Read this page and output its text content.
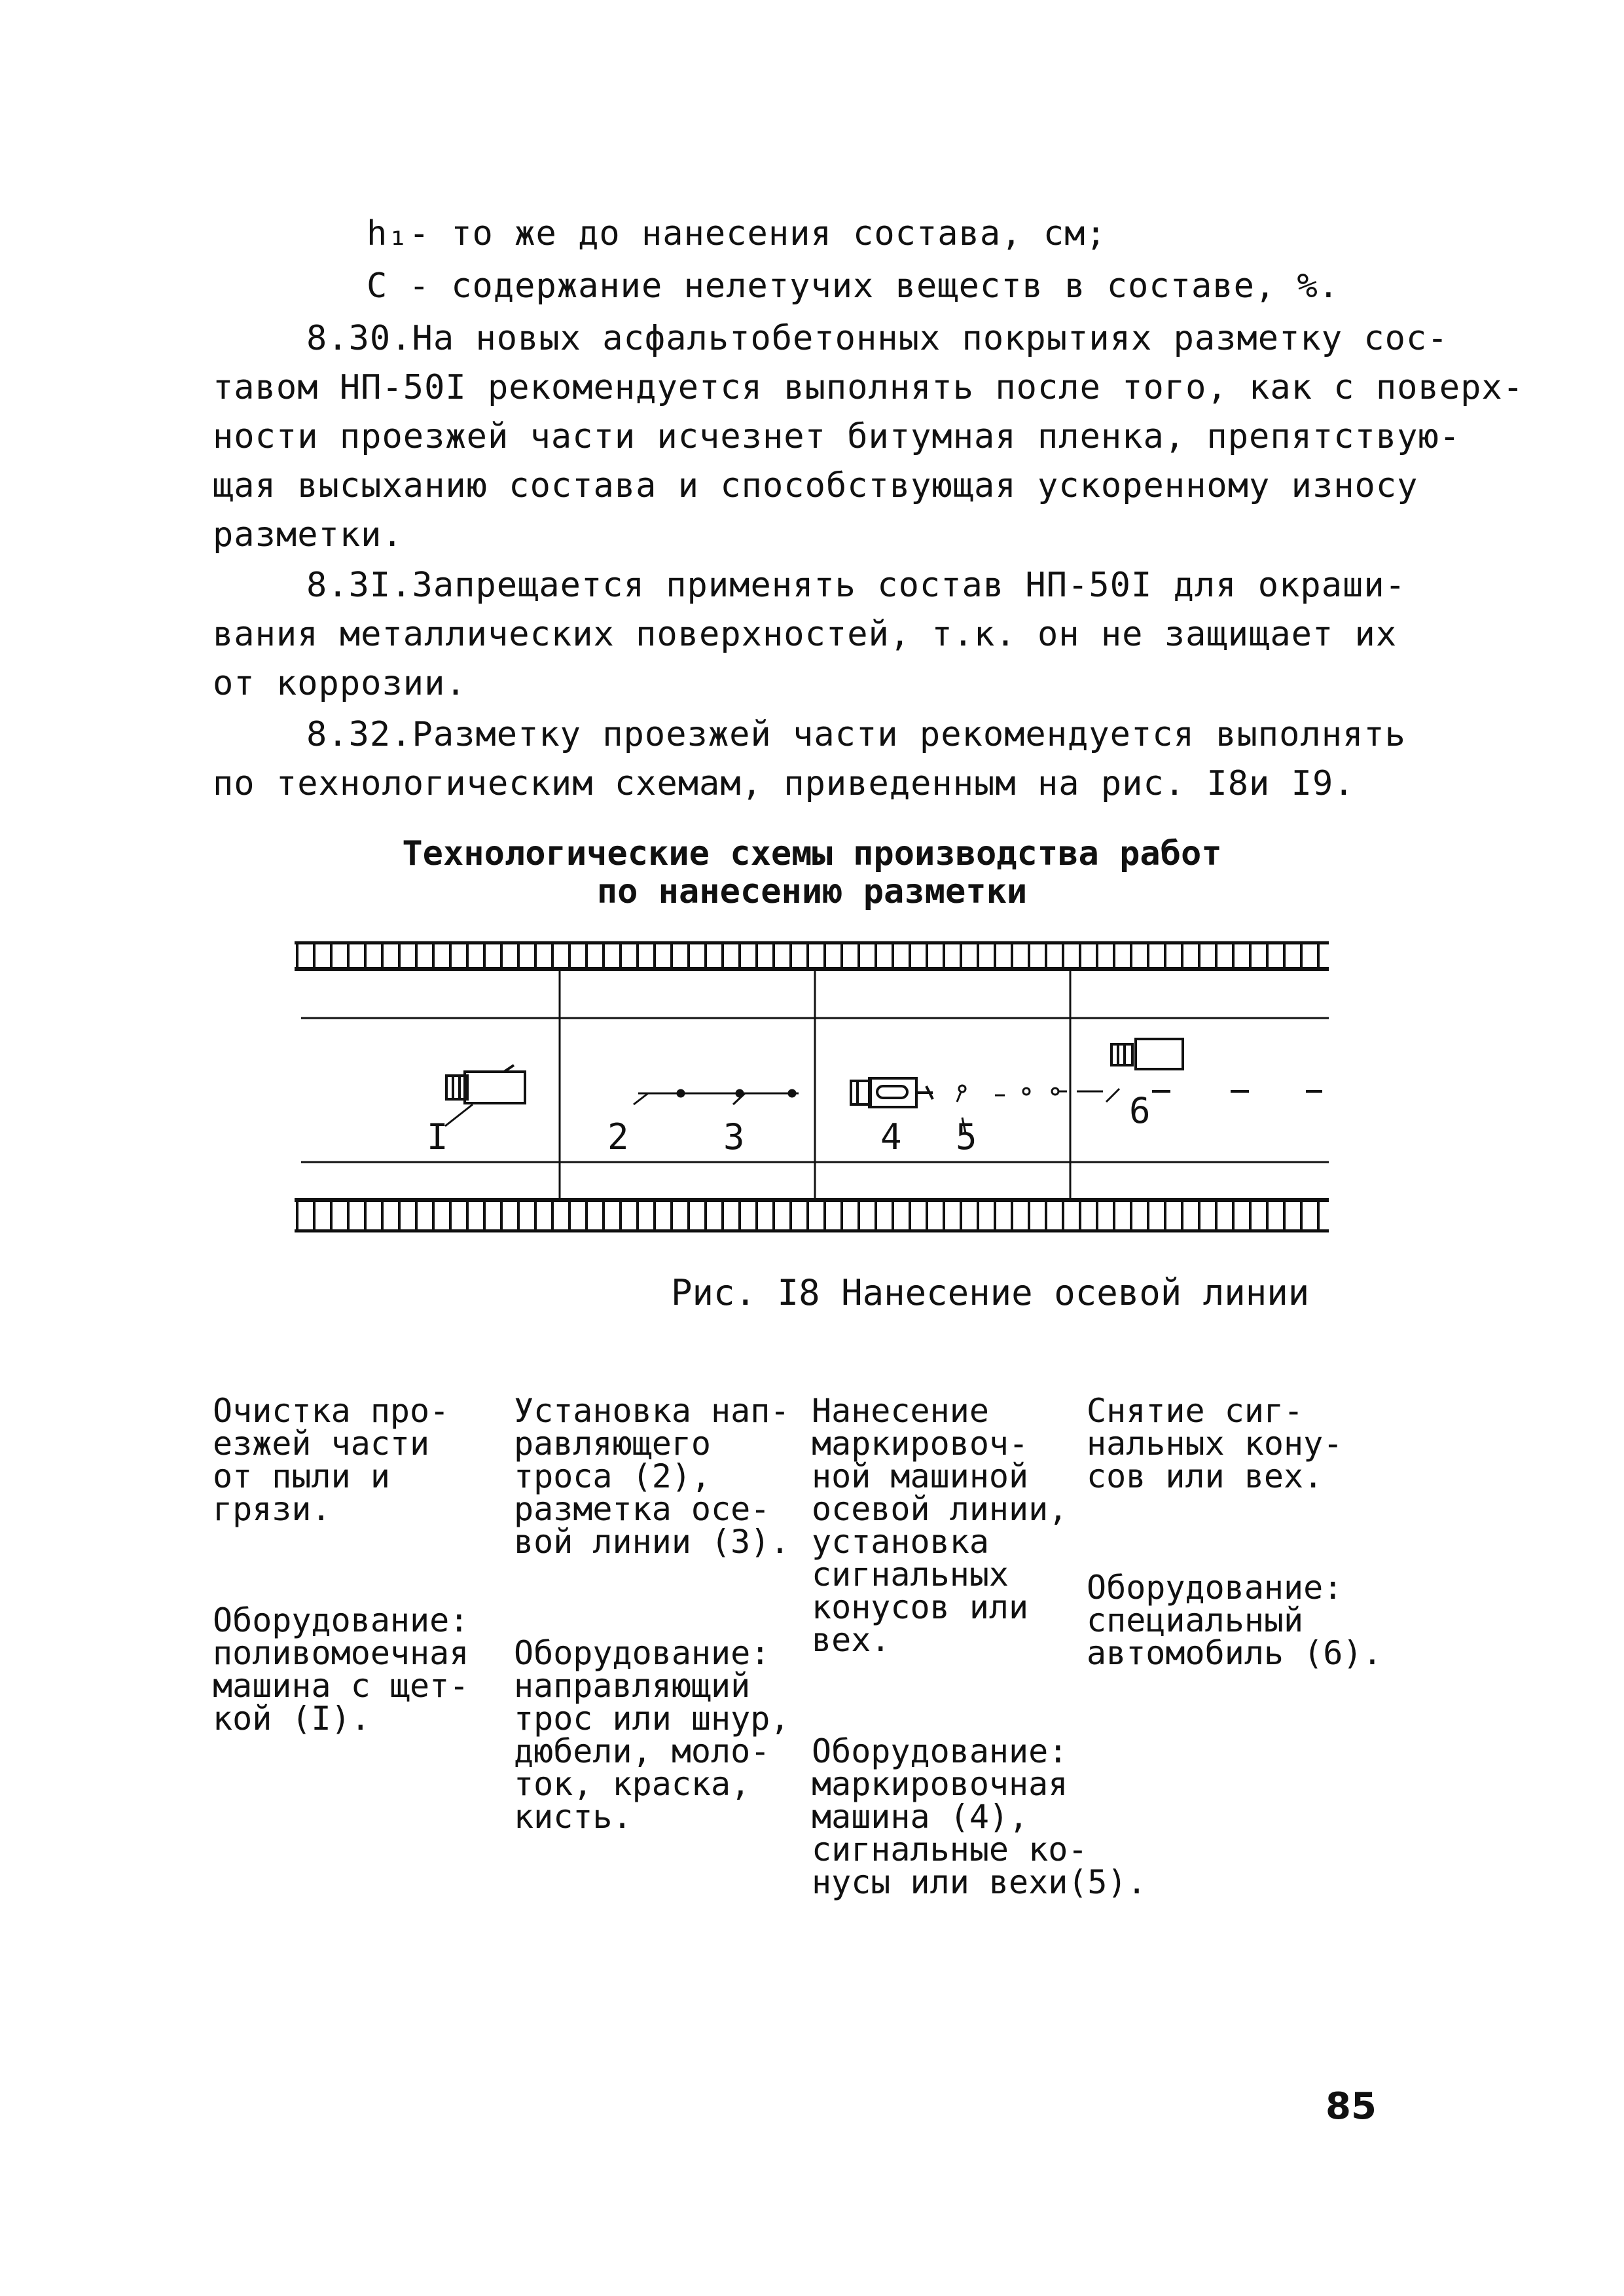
h₁- то же до нанесения состава, см;
С - содержание нелетучих веществ в составе, %.
8.30.На новых асфальтобетонных покрытиях разметку сос-
тавом НП-50I рекомендуется выполнять после того, как с поверх-
ности проезжей части исчезнет битумная пленка, препятствую-
щая высыханию состава и способствующая ускоренному износу
разметки.
8.3I.Запрещается применять состав НП-50I для окраши-
вания металлических поверхностей, т.к. он не защищает их
от коррозии.
8.32.Разметку проезжей части рекомендуется выполнять
по технологическим схемам, приведенным на рис. I8и I9.
Технологические схемы производства работ
по нанесению разметки
I	2	3	4 5
6
Рис. I8 Нанесение осевой линии

Очистка про-
езжей части
от пыли и
грязи.

Оборудование:
поливомоечная
машина с щет-
кой (I).

Установка нап-
равляющего
троса (2),
разметка осе-
вой линии (3).

Оборудование:
направляющий
трос или шнур,
дюбели, моло-
ток, краска,
кисть.

Нанесение
маркировоч-
ной машиной
осевой линии,
установка
сигнальных
конусов или
вех.

Оборудование:
маркировочная
машина (4),
сигнальные ко-
нусы или вехи(5).

Снятие сиг-
нальных кону-
сов или вех.

Оборудование:
специальный
автомобиль (6).

85
